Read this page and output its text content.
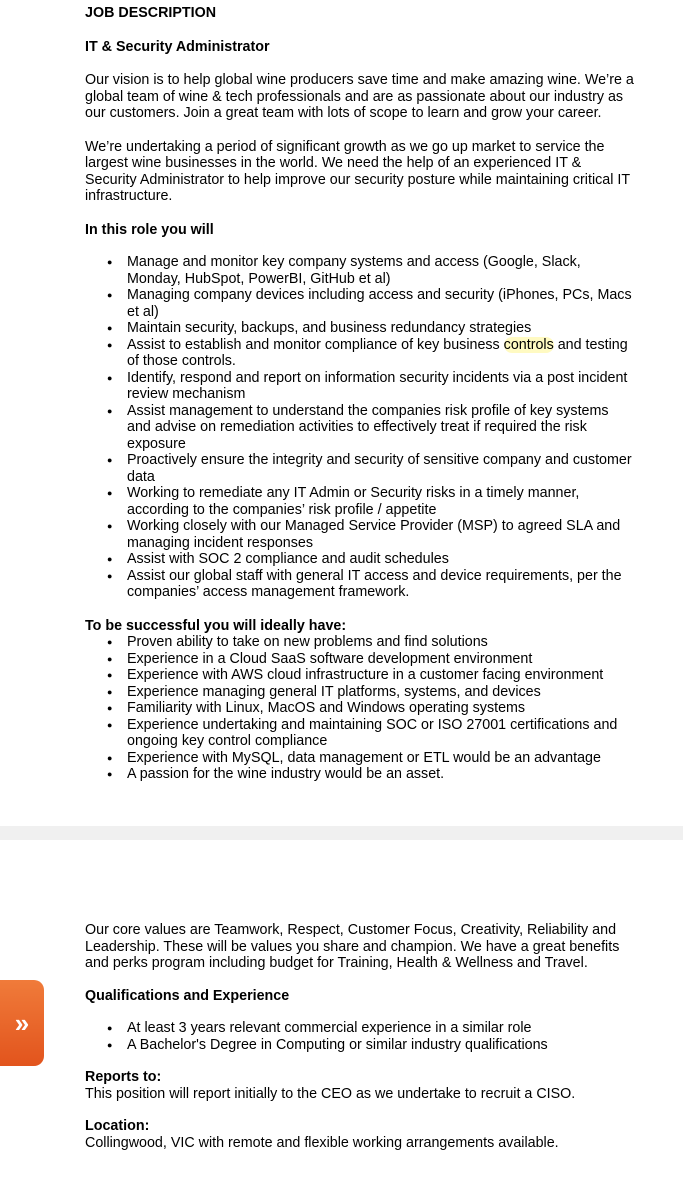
JOB DESCRIPTION

IT & Security Administrator

Our vision is to help global wine producers save time and make amazing wine. We’re a global team of wine & tech professionals and are as passionate about our industry as our customers. Join a great team with lots of scope to learn and grow your career.

We’re undertaking a period of significant growth as we go up market to service the largest wine businesses in the world. We need the help of an experienced IT & Security Administrator to help improve our security posture while maintaining critical IT infrastructure.

In this role you will

● Manage and monitor key company systems and access (Google, Slack, Monday, HubSpot, PowerBI, GitHub et al)
● Managing company devices including access and security (iPhones, PCs, Macs et al)
● Maintain security, backups, and business redundancy strategies
● Assist to establish and monitor compliance of key business controls and testing of those controls.
● Identify, respond and report on information security incidents via a post incident review mechanism
● Assist management to understand the companies risk profile of key systems and advise on remediation activities to effectively treat if required the risk exposure
● Proactively ensure the integrity and security of sensitive company and customer data
● Working to remediate any IT Admin or Security risks in a timely manner, according to the companies’ risk profile / appetite
● Working closely with our Managed Service Provider (MSP) to agreed SLA and managing incident responses
● Assist with SOC 2 compliance and audit schedules
● Assist our global staff with general IT access and device requirements, per the companies’ access management framework.

To be successful you will ideally have:

● Proven ability to take on new problems and find solutions
● Experience in a Cloud SaaS software development environment
● Experience with AWS cloud infrastructure in a customer facing environment
● Experience managing general IT platforms, systems, and devices
● Familiarity with Linux, MacOS and Windows operating systems
● Experience undertaking and maintaining SOC or ISO 27001 certifications and ongoing key control compliance
● Experience with MySQL, data management or ETL would be an advantage
● A passion for the wine industry would be an asset.

Our core values are Teamwork, Respect, Customer Focus, Creativity, Reliability and Leadership. These will be values you share and champion. We have a great benefits and perks program including budget for Training, Health & Wellness and Travel.

Qualifications and Experience

● At least 3 years relevant commercial experience in a similar role
● A Bachelor's Degree in Computing or similar industry qualifications

Reports to:

This position will report initially to the CEO as we undertake to recruit a CISO.

Location:

Collingwood, VIC with remote and flexible working arrangements available.

»
